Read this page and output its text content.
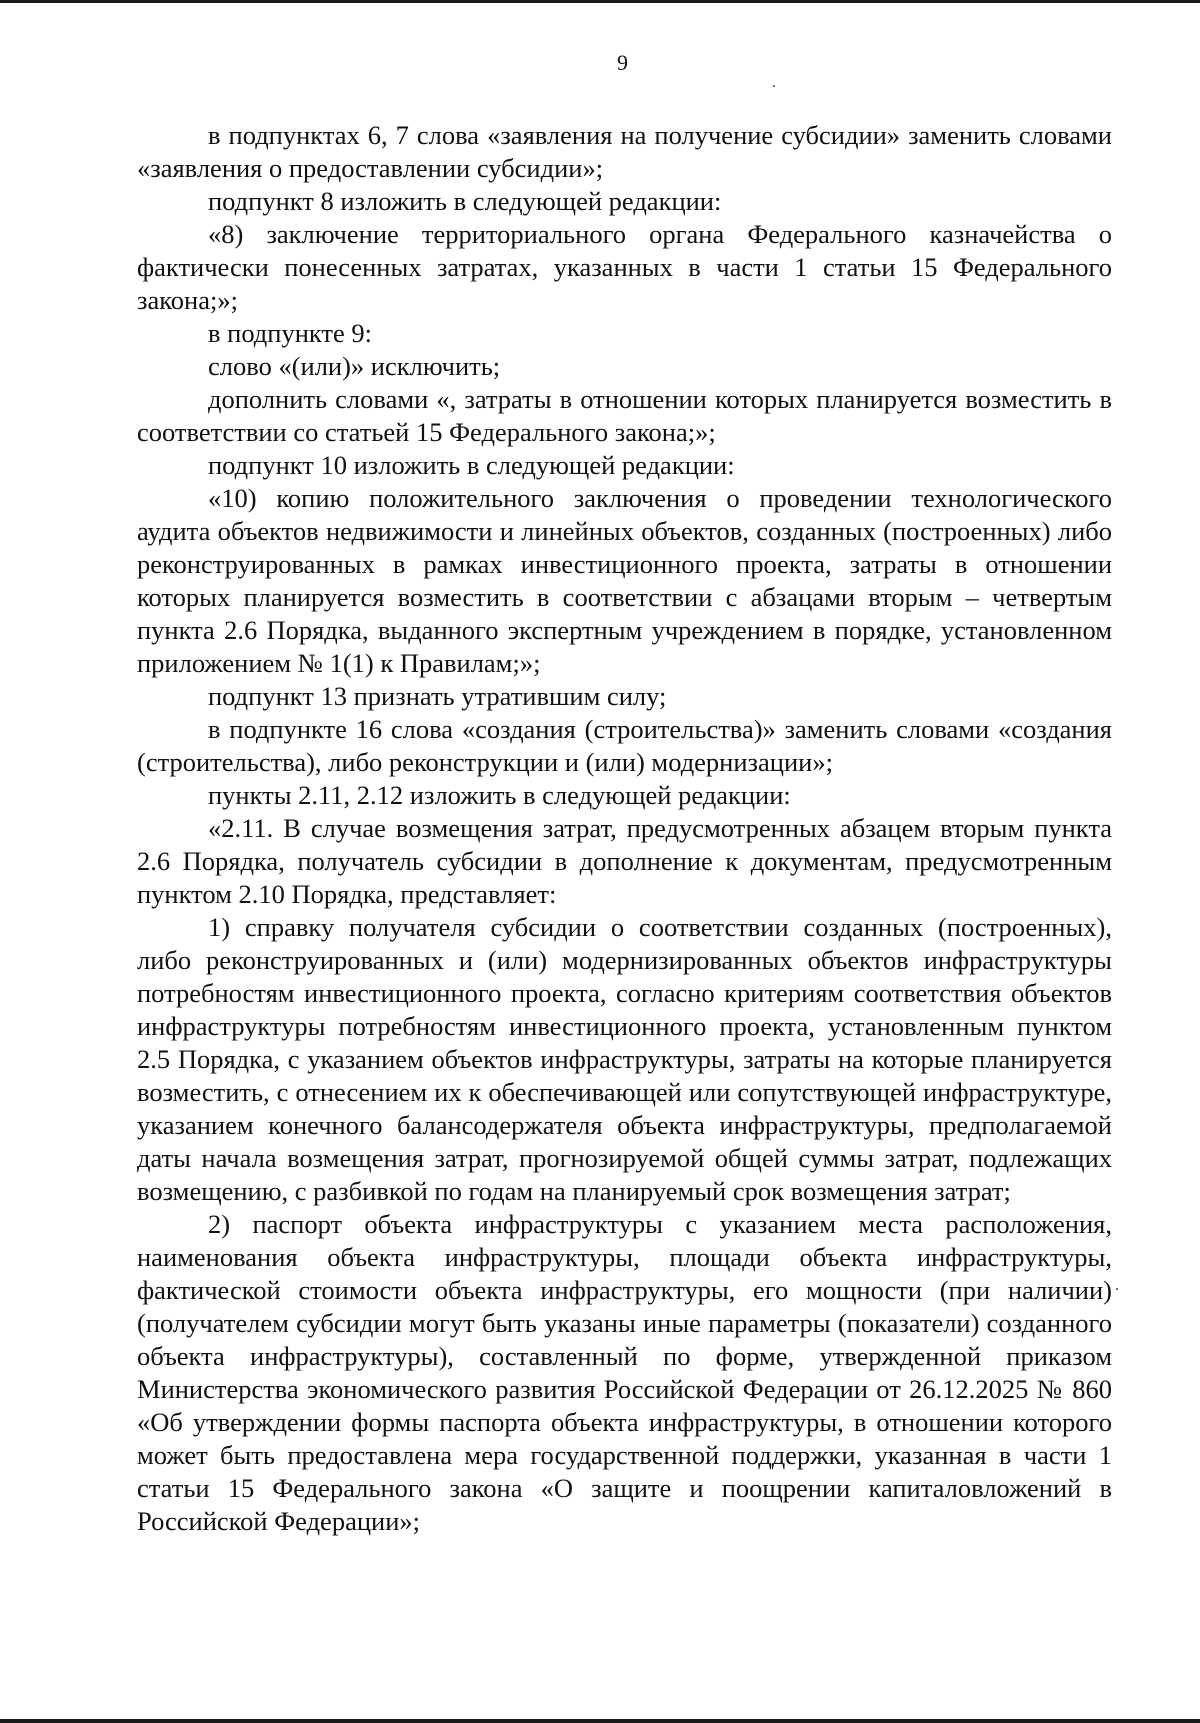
9

в подпунктах 6, 7 слова «заявления на получение субсидии» заменить словами «заявления о предоставлении субсидии»;

подпункт 8 изложить в следующей редакции:

«8) заключение территориального органа Федерального казначейства о фактически понесенных затратах, указанных в части 1 статьи 15 Федерального закона;»;

в подпункте 9:

слово «(или)» исключить;

дополнить словами «, затраты в отношении которых планируется возместить в соответствии со статьей 15 Федерального закона;»;

подпункт 10 изложить в следующей редакции:

«10) копию положительного заключения о проведении технологического аудита объектов недвижимости и линейных объектов, созданных (построенных) либо реконструированных в рамках инвестиционного проекта, затраты в отношении которых планируется возместить в соответствии с абзацами вторым – четвертым пункта 2.6 Порядка, выданного экспертным учреждением в порядке, установленном приложением № 1(1) к Правилам;»;

подпункт 13 признать утратившим силу;

в подпункте 16 слова «создания (строительства)» заменить словами «создания (строительства), либо реконструкции и (или) модернизации»;

пункты 2.11, 2.12 изложить в следующей редакции:

«2.11. В случае возмещения затрат, предусмотренных абзацем вторым пункта 2.6 Порядка, получатель субсидии в дополнение к документам, предусмотренным пунктом 2.10 Порядка, представляет:

1) справку получателя субсидии о соответствии созданных (построенных), либо реконструированных и (или) модернизированных объектов инфраструктуры потребностям инвестиционного проекта, согласно критериям соответствия объектов инфраструктуры потребностям инвестиционного проекта, установленным пунктом 2.5 Порядка, с указанием объектов инфраструктуры, затраты на которые планируется возместить, с отнесением их к обеспечивающей или сопутствующей инфраструктуре, указанием конечного балансодержателя объекта инфраструктуры, предполагаемой даты начала возмещения затрат, прогнозируемой общей суммы затрат, подлежащих возмещению, с разбивкой по годам на планируемый срок возмещения затрат;

2) паспорт объекта инфраструктуры с указанием места расположения, наименования объекта инфраструктуры, площади объекта инфраструктуры, фактической стоимости объекта инфраструктуры, его мощности (при наличии) (получателем субсидии могут быть указаны иные параметры (показатели) созданного объекта инфраструктуры), составленный по форме, утвержденной приказом Министерства экономического развития Российской Федерации от 26.12.2025 № 860 «Об утверждении формы паспорта объекта инфраструктуры, в отношении которого может быть предоставлена мера государственной поддержки, указанная в части 1 статьи 15 Федерального закона «О защите и поощрении капиталовложений в Российской Федерации»;
